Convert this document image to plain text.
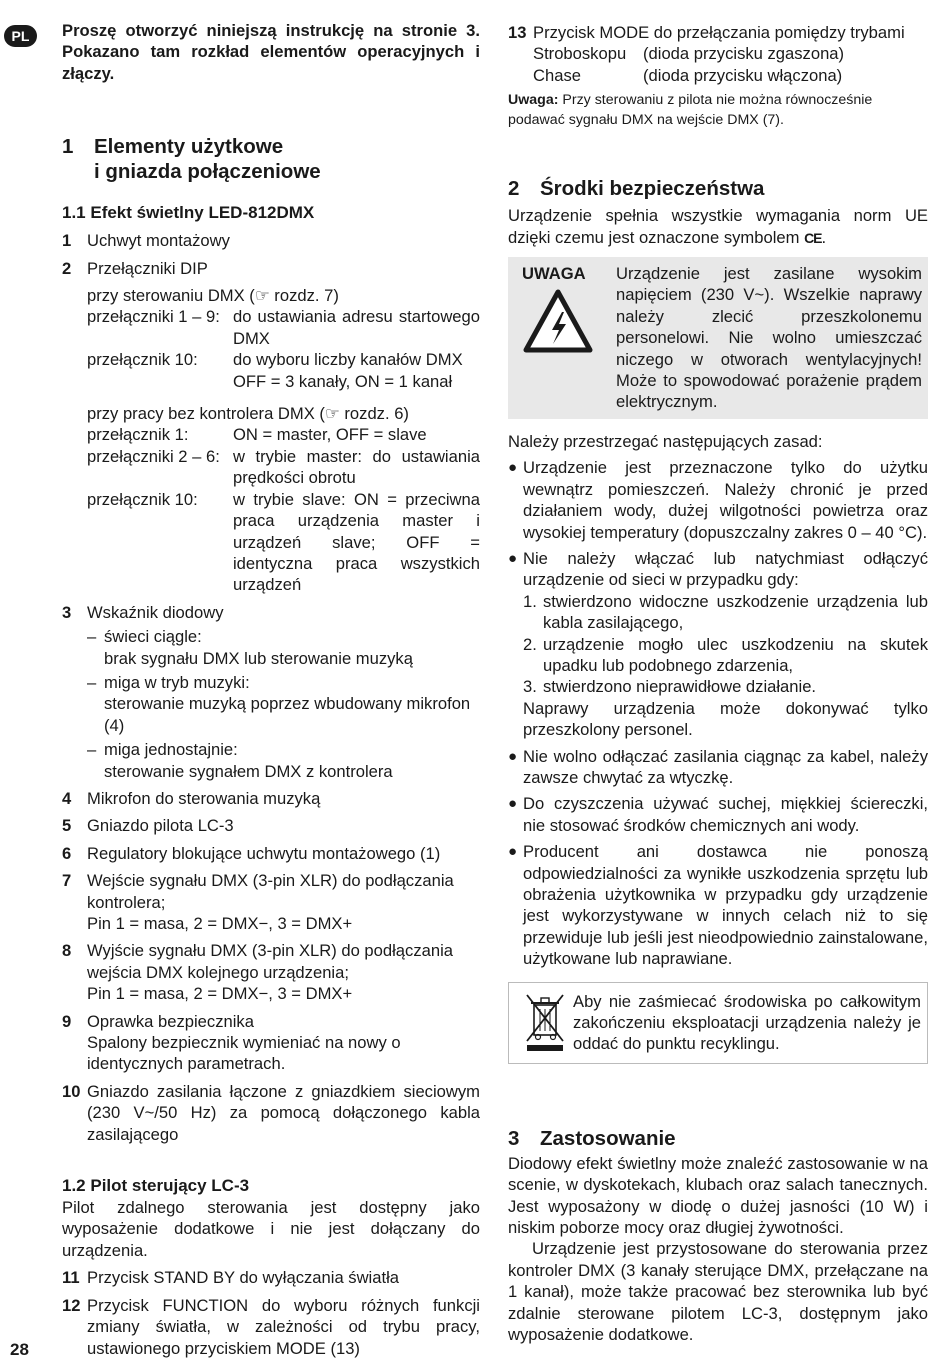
PL	Proszę otworzyć niniejszą instrukcję na stronie 3. Pokazano tam rozkład elementów operacyjnych i złączy.

1	Elementy użytkowe
i gniazda połączeniowe
1.1 Efekt świetlny LED-812DMX
1 Uchwyt montażowy
2 Przełączniki DIP

przy sterowaniu DMX (☞ rozdz. 7)

przełączniki 1 – 9: do ustawiania adresu startowego DMX
przełącznik 10:	do wyboru liczby kanałów DMX
OFF = 3 kanały, ON = 1 kanał

przy pracy bez kontrolera DMX (☞ rozdz. 6)

przełącznik 1:	ON = master, OFF = slave
przełączniki 2 – 6: w trybie master: do ustawiania prędkości obrotu
przełącznik 10:	w trybie slave: ON = przeciwna praca urządzenia master i urządzeń slave; OFF = identyczna praca wszystkich urządzeń
3 Wskaźnik diodowy
– świeci ciągle:
brak sygnału DMX lub sterowanie muzyką
– miga w tryb muzyki:
sterowanie muzyką poprzez wbudowany mikrofon (4)
– miga jednostajnie:
sterowanie sygnałem DMX z kontrolera
4 Mikrofon do sterowania muzyką
5 Gniazdo pilota LC-3
6 Regulatory blokujące uchwytu montażowego (1)
7 Wejście sygnału DMX (3-pin XLR) do podłączania kontrolera;
Pin 1 = masa, 2 = DMX−, 3 = DMX+
8 Wyjście sygnału DMX (3-pin XLR) do podłączania wejścia DMX kolejnego urządzenia;
Pin 1 = masa, 2 = DMX−, 3 = DMX+
9 Oprawka bezpiecznika
Spalony bezpiecznik wymieniać na nowy o identycznych parametrach.
10 Gniazdo zasilania łączone z gniazdkiem sieciowym (230 V~/50 Hz) za pomocą dołączonego kabla zasilającego
1.2 Pilot sterujący LC-3

Pilot zdalnego sterowania jest dostępny jako wyposażenie dodatkowe i nie jest dołączany do urządzenia.

11 Przycisk STAND BY do wyłączania światła
12 Przycisk FUNCTION do wyboru różnych funkcji zmiany światła, w zależności od trybu pracy, ustawionego przyciskiem MODE (13)
13 Przycisk MODE do przełączania pomiędzy trybami
Stroboskopu	(dioda przycisku zgaszona)
Chase	(dioda przycisku włączona)

Uwaga: Przy sterowaniu z pilota nie można równocześnie podawać sygnału DMX na wejście DMX (7).

2	Środki bezpieczeństwa

Urządzenie spełnia wszystkie wymagania norm UE dzięki czemu jest oznaczone symbolem CE.

UWAGA	Urządzenie jest zasilane wysokim napięciem (230 V~). Wszelkie naprawy należy zlecić przeszkolonemu personelowi. Nie wolno umieszczać niczego w otworach wentylacyjnych! Może to spowodować porażenie prądem elektrycznym.

Należy przestrzegać następujących zasad:

● Urządzenie jest przeznaczone tylko do użytku wewnątrz pomieszczeń. Należy chronić je przed działaniem wody, dużej wilgotności powietrza oraz wysokiej temperatury (dopuszczalny zakres 0 – 40 °C).
● Nie należy włączać lub natychmiast odłączyć urządzenie od sieci w przypadku gdy:
1. stwierdzono widoczne uszkodzenie urządzenia lub kabla zasilającego,
2. urządzenie mogło ulec uszkodzeniu na skutek upadku lub podobnego zdarzenia,
3. stwierdzono nieprawidłowe działanie.
Naprawy urządzenia może dokonywać tylko przeszkolony personel.
● Nie wolno odłączać zasilania ciągnąc za kabel, należy zawsze chwytać za wtyczkę.
● Do czyszczenia używać suchej, miękkiej ściereczki, nie stosować środków chemicznych ani wody.
● Producent ani dostawca nie ponoszą odpowiedzialności za wynikłe uszkodzenia sprzętu lub obrażenia użytkownika w przypadku gdy urządzenie jest wykorzystywane w innych celach niż to się przewiduje lub jeśli jest nieodpowiednio zainstalowane, użytkowane lub naprawiane.

Aby nie zaśmiecać środowiska po całkowitym zakończeniu eksploatacji urządzenia należy je oddać do punktu recyklingu.

3	Zastosowanie

Diodowy efekt świetlny może znaleźć zastosowanie w na scenie, w dyskotekach, klubach oraz salach tanecznych. Jest wyposażony w diodę o dużej jasności (10 W) i niskim poborze mocy oraz długiej żywotności.

Urządzenie jest przystosowane do sterowania przez kontroler DMX (3 kanały sterujące DMX, przełączane na 1 kanał), może także pracować bez sterownika lub być zdalnie sterowane pilotem LC-3, dostępnym jako wyposażenie dodatkowe.

28
